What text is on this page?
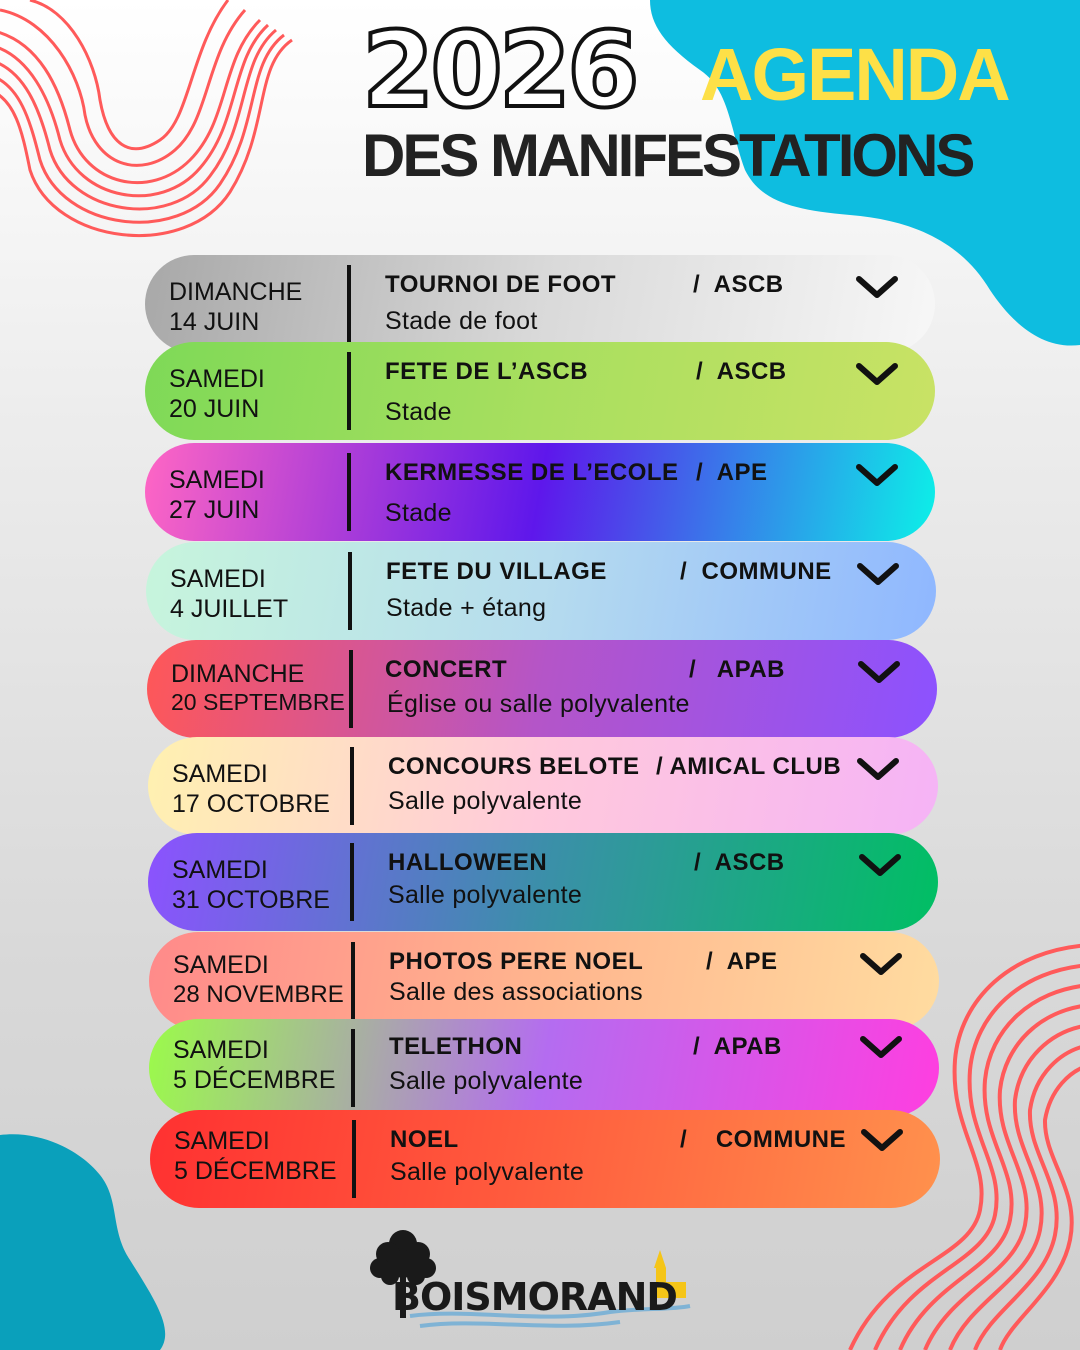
2026 AGENDA
DES MANIFESTATIONS
DIMANCHE
14 JUIN
TOURNOI DE FOOT	/  ASCB
Stade de foot
SAMEDI
20 JUIN
FETE DE L’ASCB	/  ASCB
Stade
SAMEDI
27 JUIN
KERMESSE DE L’ECOLE /  APE
Stade
SAMEDI
4 JUILLET
FETE DU VILLAGE	/  COMMUNE
Stade + étang
DIMANCHE
20 SEPTEMBRE
CONCERT	/   APAB
Église ou salle polyvalente
SAMEDI
17 OCTOBRE
CONCOURS BELOTE / AMICAL CLUB
Salle polyvalente
SAMEDI
31 OCTOBRE
HALLOWEEN	/  ASCB
Salle polyvalente
SAMEDI
28 NOVEMBRE
PHOTOS PERE NOEL	/  APE
Salle des associations
SAMEDI
5 DÉCEMBRE
TELETHON	/  APAB
Salle polyvalente
SAMEDI
5 DÉCEMBRE
NOEL	/    COMMUNE
Salle polyvalente
BOISMORAND
